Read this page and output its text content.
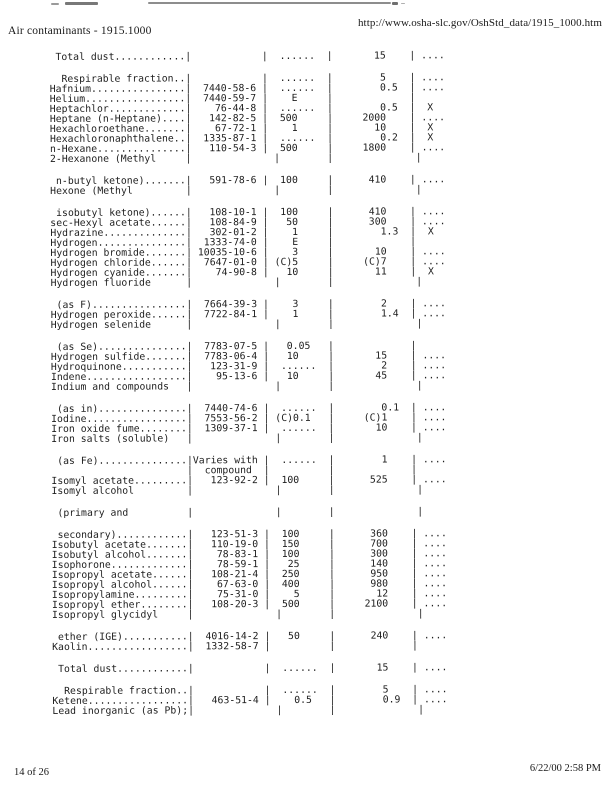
Air contaminants - 1915.1000
http://www.osha-slc.gov/OshStd_data/1915_1000.htm
Total dust............|            |  ......  |       15    | ....
Respirable fraction..|            |  ......  |        5    | ....
Hafnium................|  7440-58-6 |  ......  |        0.5  | ....
Helium.................|  7440-59-7 |    E     |             |
Heptachlor.............|    76-44-8 |  ......  |        0.5  |  X
Heptane (n-Heptane)....|   142-82-5 |  500     |     2000    | ....
Hexachloroethane.......|    67-72-1 |    1     |       10    |  X
Hexachloronaphthalene..|  1335-87-1 |  ......  |        0.2  |  X
n-Hexane...............|   110-54-3 |  500     |     1800    | ....
2-Hexanone (Methyl     |              |        |              |
n-butyl ketone).......|   591-78-6 |  100     |      410    | ....
Hexone (Methyl         |              |        |              |
isobutyl ketone)......|   108-10-1 |  100     |      410    | ....
sec-Hexyl acetate......|   108-84-9 |   50     |      300    | ....
Hydrazine..............|   302-01-2 |    1     |        1.3  |  X
Hydrogen...............|  1333-74-0 |    E     |             |
Hydrogen bromide.......| 10035-10-6 |    3     |       10    | ....
Hydrogen chloride......|  7647-01-0 | (C)5     |     (C)7    | ....
Hydrogen cyanide.......|    74-90-8 |   10     |       11    |  X
Hydrogen fluoride      |              |        |              |
(as F)................|  7664-39-3 |    3     |        2    | ....
Hydrogen peroxide......|  7722-84-1 |    1     |        1.4  | ....
Hydrogen selenide      |              |        |              |
(as Se)...............|  7783-07-5 |   0.05   |             |
Hydrogen sulfide.......|  7783-06-4 |   10     |       15    | ....
Hydroquinone...........|   123-31-9 |  ......  |        2    | ....
Indene.................|    95-13-6 |   10     |       45    | ....
Indium and compounds   |              |        |              |
(as in)...............|  7440-74-6 |  ......  |        0.1  | ....
Iodine.................|  7553-56-2 | (C)0.1   |     (C)1    | ....
Iron oxide fume........|  1309-37-1 |  ......  |       10    | ....
Iron salts (soluble)   |              |        |              |
(as Fe)...............|Varies with |  ......  |        1    | ....
|  compound  |          |             |
Isomyl acetate.........|   123-92-2 |  100     |      525    | ....
Isomyl alcohol         |              |        |              |
(primary and          |              |        |              |
secondary)............|   123-51-3 |  100     |      360    | ....
Isobutyl acetate.......|   110-19-0 |  150     |      700    | ....
Isobutyl alcohol.......|    78-83-1 |  100     |      300    | ....
Isophorone.............|    78-59-1 |   25     |      140    | ....
Isopropyl acetate......|   108-21-4 |  250     |      950    | ....
Isopropyl alcohol......|    67-63-0 |  400     |      980    | ....
Isopropylamine.........|    75-31-0 |    5     |       12    | ....
Isopropyl ether........|   108-20-3 |  500     |     2100    | ....
Isopropyl glycidyl     |              |        |              |
ether (IGE)...........|  4016-14-2 |   50     |      240    | ....
Kaolin.................|  1332-58-7 |          |             |
Total dust............|            |  ......  |       15    | ....
Respirable fraction..|            |  ......  |        5    | ....
Ketene.................|   463-51-4 |    0.5   |        0.9  | ....
Lead inorganic (as Pb);|              |        |              |
14 of 26	6/22/00 2:58 PM
